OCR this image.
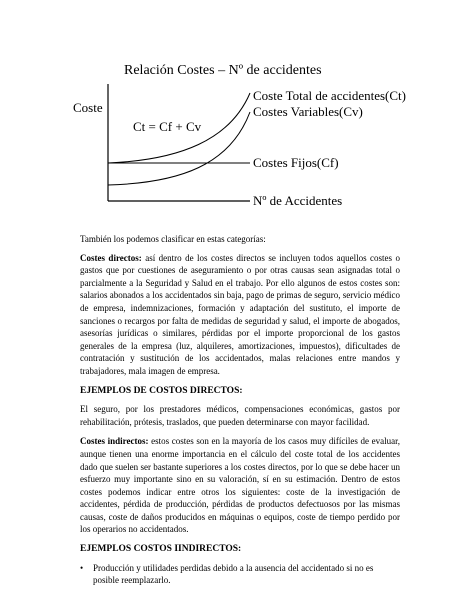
Relación Costes – Nº de accidentes
Coste
Ct = Cf + Cv
Coste Total de accidentes(Ct)
Costes Variables(Cv)
Costes Fijos(Cf)
Nº de Accidentes

También los podemos clasificar en estas categorías:

Costes directos: así dentro de los costes directos se incluyen todos aquellos costes o gastos que por cuestiones de aseguramiento o por otras causas sean asignadas total o parcialmente a la Seguridad y Salud en el trabajo. Por ello algunos de estos costes son: salarios abonados a los accidentados sin baja, pago de primas de seguro, servicio médico de empresa, indemnizaciones, formación y adaptación del sustituto, el importe de sanciones o recargos por falta de medidas de seguridad y salud, el importe de abogados, asesorías jurídicas o similares, pérdidas por el importe proporcional de los gastos generales de la empresa (luz, alquileres, amortizaciones, impuestos), dificultades de contratación y sustitución de los accidentados, malas relaciones entre mandos y trabajadores, mala imagen de empresa.

EJEMPLOS DE COSTOS DIRECTOS:

El seguro, por los prestadores médicos, compensaciones económicas, gastos por rehabilitación, prótesis, traslados, que pueden determinarse con mayor facilidad.

Costes indirectos: estos costes son en la mayoría de los casos muy difíciles de evaluar, aunque tienen una enorme importancia en el cálculo del coste total de los accidentes dado que suelen ser bastante superiores a los costes directos, por lo que se debe hacer un esfuerzo muy importante sino en su valoración, sí en su estimación. Dentro de estos costes podemos indicar entre otros los siguientes: coste de la investigación de accidentes, pérdida de producción, pérdidas de productos defectuosos por las mismas causas, coste de daños producidos en máquinas o equipos, coste de tiempo perdido por los operarios no accidentados.

EJEMPLOS COSTOS IINDIRECTOS:

• Producción y utilidades perdidas debido a la ausencia del accidentado si no es posible reemplazarlo.
